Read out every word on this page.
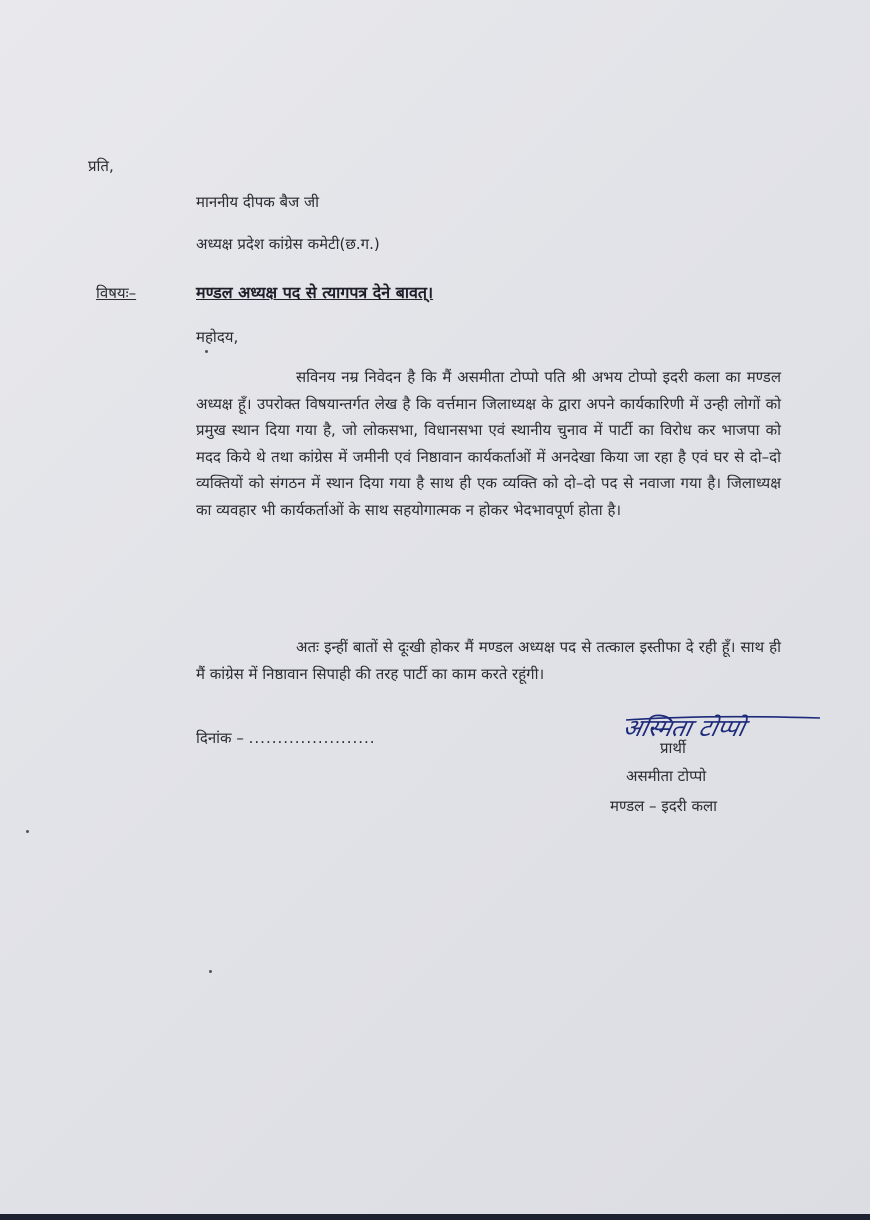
प्रति,
माननीय दीपक बैज जी
अध्यक्ष प्रदेश कांग्रेस कमेटी(छ.ग.)
विषयः–	मण्डल अध्यक्ष पद से त्यागपत्र देने बावत्।
महोदय,
सविनय नम्र निवेदन है कि मैं असमीता टोप्पो पति श्री अभय टोप्पो इदरी कला का मण्डल अध्यक्ष हूँ। उपरोक्त विषयान्तर्गत लेख है कि वर्त्तमान जिलाध्यक्ष के द्वारा अपने कार्यकारिणी में उन्ही लोगों को प्रमुख स्थान दिया गया है, जो लोकसभा, विधानसभा एवं स्थानीय चुनाव में पार्टी का विरोध कर भाजपा को मदद किये थे तथा कांग्रेस में जमीनी एवं निष्ठावान कार्यकर्ताओं में अनदेखा किया जा रहा है एवं घर से दो–दो व्यक्तियों को संगठन में स्थान दिया गया है साथ ही एक व्यक्ति को दो–दो पद से नवाजा गया है। जिलाध्यक्ष का व्यवहार भी कार्यकर्ताओं के साथ सहयोगात्मक न होकर भेदभावपूर्ण होता है।
अतः इन्हीं बातों से दूःखी होकर मैं मण्डल अध्यक्ष पद से तत्काल इस्तीफा दे रही हूँ। साथ ही मैं कांग्रेस में निष्ठावान सिपाही की तरह पार्टी का काम करते रहूंगी।
दिनांक – ......................	अस्मिता टोप्पो
प्रार्थी
असमीता टोप्पो
मण्डल – इदरी कला
